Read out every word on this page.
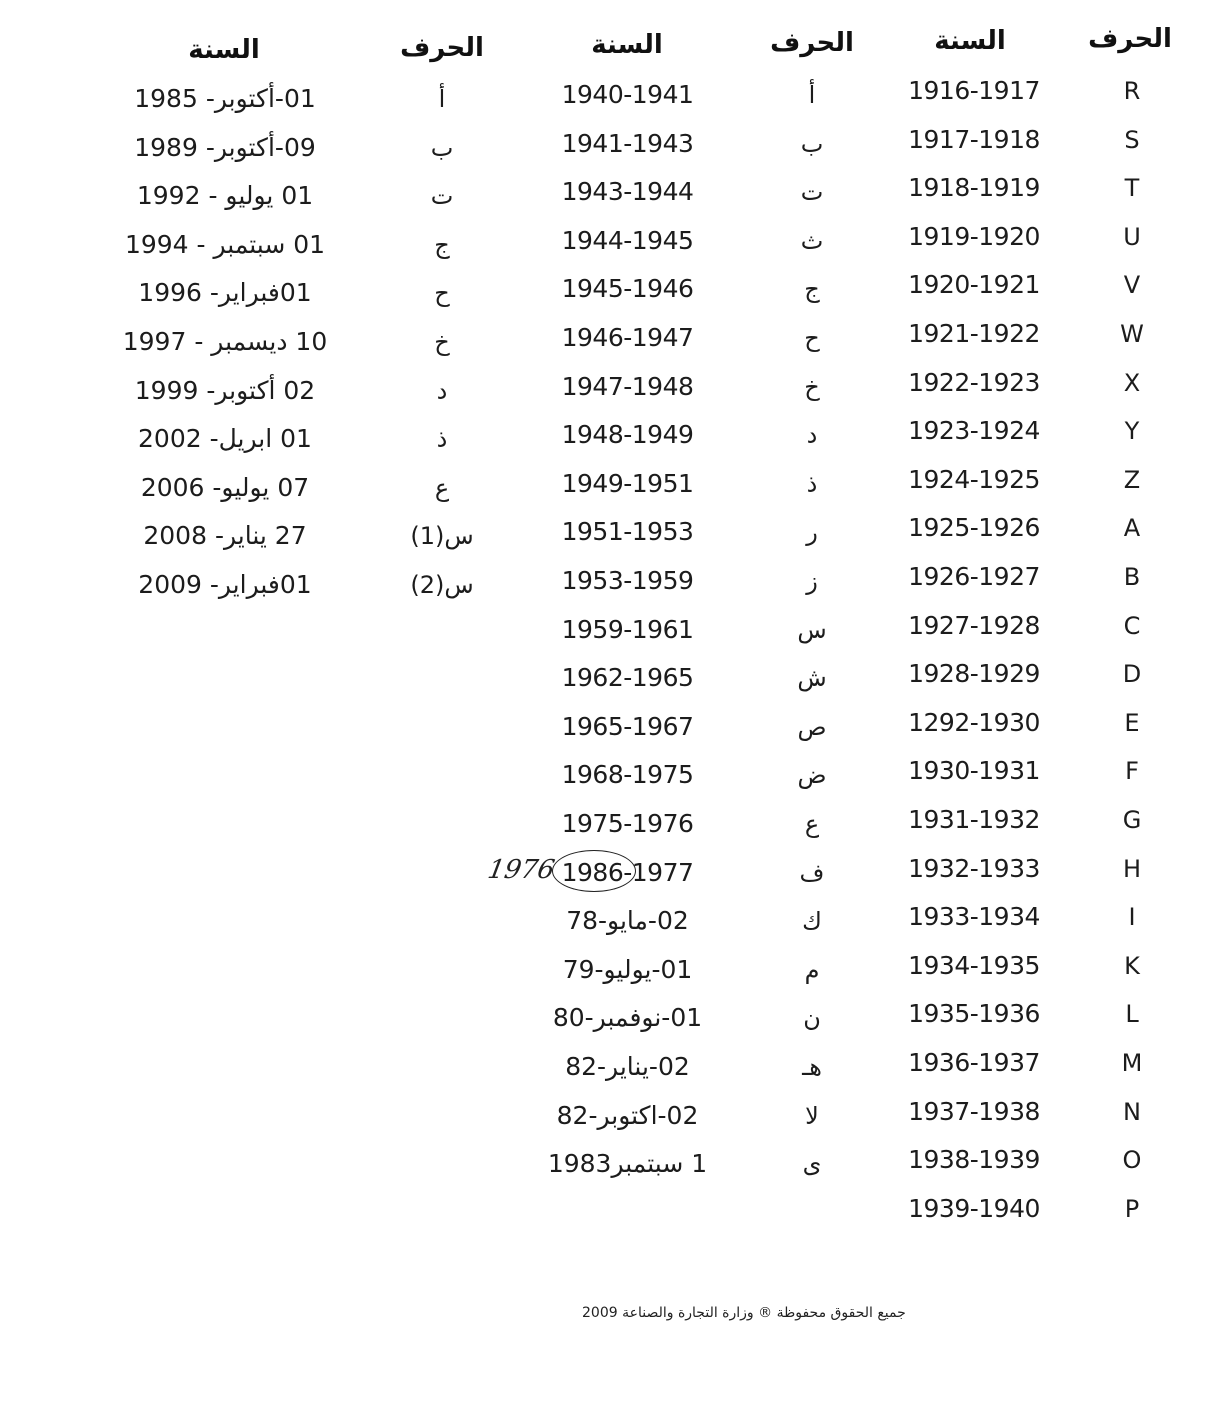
الحرف
السنة
الحرف
السنة
الحرف
السنة
R
1916-1917
S
1917-1918
T
1918-1919
U
1919-1920
V
1920-1921
W
1921-1922
X
1922-1923
Y
1923-1924
Z
1924-1925
A
1925-1926
B
1926-1927
C
1927-1928
D
1928-1929
E
1292-1930
F
1930-1931
G
1931-1932
H
1932-1933
I
1933-1934
K
1934-1935
L
1935-1936
M
1936-1937
N
1937-1938
O
1938-1939
P
1939-1940
أ
1940-1941
ب
1941-1943
ت
1943-1944
ث
1944-1945
ج
1945-1946
ح
1946-1947
خ
1947-1948
د
1948-1949
ذ
1949-1951
ر
1951-1953
ز
1953-1959
س
1959-1961
ش
1962-1965
ص
1965-1967
ض
1968-1975
ع
1975-1976
ف
1986-1977
ك
02-مايو-78
م
01-يوليو-79
ن
01-نوفمبر-80
هـ
02-يناير-82
لا
02-اكتوبر-82
ى
1 سبتمبر1983
أ
01-أكتوبر- 1985
ب
09-أكتوبر- 1989
ت
01 يوليو - 1992
ج
01 سبتمبر - 1994
ح
01فبراير- 1996
خ
10 ديسمبر - 1997
د
02 أكتوبر- 1999
ذ
01 ابريل- 2002
ع
07 يوليو- 2006
س(1)
27 يناير- 2008
س(2)
01فبراير- 2009
1976
جميع الحقوق محفوظة ® وزارة التجارة والصناعة 2009
